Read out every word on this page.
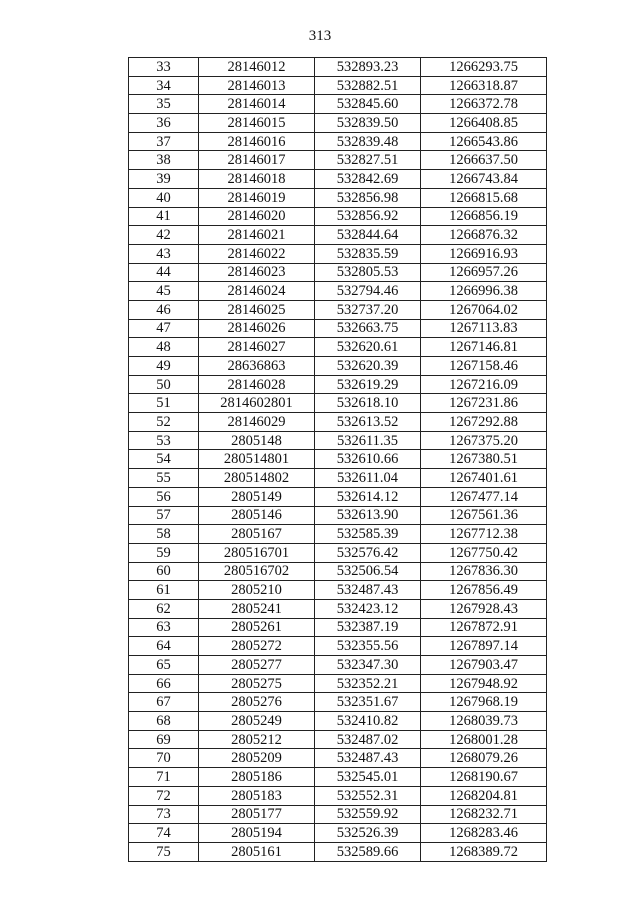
313
33	28146012	532893.23	1266293.75
34	28146013	532882.51	1266318.87
35	28146014	532845.60	1266372.78
36	28146015	532839.50	1266408.85
37	28146016	532839.48	1266543.86
38	28146017	532827.51	1266637.50
39	28146018	532842.69	1266743.84
40	28146019	532856.98	1266815.68
41	28146020	532856.92	1266856.19
42	28146021	532844.64	1266876.32
43	28146022	532835.59	1266916.93
44	28146023	532805.53	1266957.26
45	28146024	532794.46	1266996.38
46	28146025	532737.20	1267064.02
47	28146026	532663.75	1267113.83
48	28146027	532620.61	1267146.81
49	28636863	532620.39	1267158.46
50	28146028	532619.29	1267216.09
51	2814602801	532618.10	1267231.86
52	28146029	532613.52	1267292.88
53	2805148	532611.35	1267375.20
54	280514801	532610.66	1267380.51
55	280514802	532611.04	1267401.61
56	2805149	532614.12	1267477.14
57	2805146	532613.90	1267561.36
58	2805167	532585.39	1267712.38
59	280516701	532576.42	1267750.42
60	280516702	532506.54	1267836.30
61	2805210	532487.43	1267856.49
62	2805241	532423.12	1267928.43
63	2805261	532387.19	1267872.91
64	2805272	532355.56	1267897.14
65	2805277	532347.30	1267903.47
66	2805275	532352.21	1267948.92
67	2805276	532351.67	1267968.19
68	2805249	532410.82	1268039.73
69	2805212	532487.02	1268001.28
70	2805209	532487.43	1268079.26
71	2805186	532545.01	1268190.67
72	2805183	532552.31	1268204.81
73	2805177	532559.92	1268232.71
74	2805194	532526.39	1268283.46
75	2805161	532589.66	1268389.72
